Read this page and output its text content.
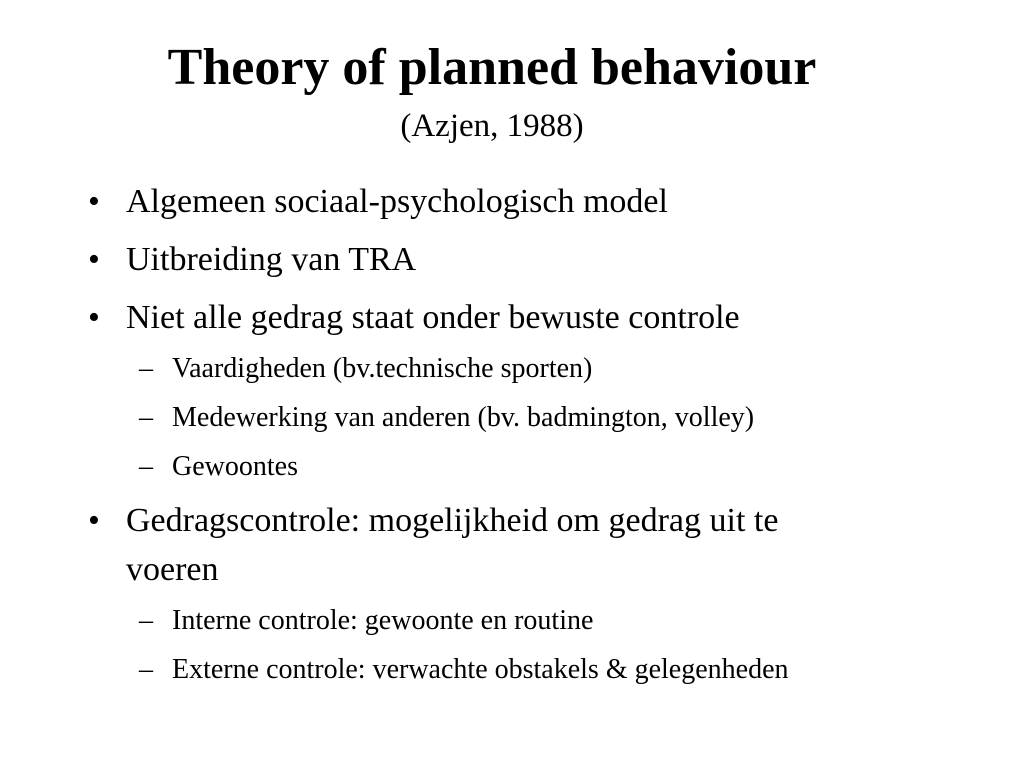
Theory of planned behaviour
(Azjen, 1988)
• Algemeen sociaal-psychologisch model
• Uitbreiding van TRA
• Niet alle gedrag staat onder bewuste controle
– Vaardigheden (bv.technische sporten)
– Medewerking van anderen (bv. badmington, volley)
– Gewoontes
• Gedragscontrole: mogelijkheid om gedrag uit te
voeren
– Interne controle: gewoonte en routine
– Externe controle: verwachte obstakels & gelegenheden
